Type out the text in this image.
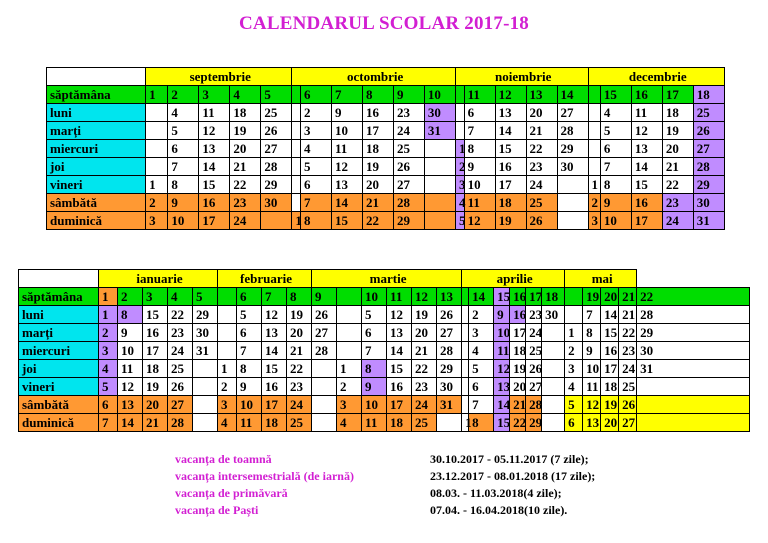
CALENDARUL SCOLAR 2017-18
	septembrie					octombrie						noiembrie					decembrie				
săptămâna	1	2	3	4	5		6	7	8	9	10		11	12	13	14		15	16	17	18
luni		4	11	18	25		2	9	16	23	30		6	13	20	27		4	11	18	25
marți		5	12	19	26		3	10	17	24	31		7	14	21	28		5	12	19	26
miercuri		6	13	20	27		4	11	18	25		1	8	15	22	29		6	13	20	27
joi		7	14	21	28		5	12	19	26		2	9	16	23	30		7	14	21	28
vineri	1	8	15	22	29		6	13	20	27		3	10	17	24		1	8	15	22	29
sâmbătă	2	9	16	23	30		7	14	21	28		4	11	18	25		2	9	16	23	30
duminică	3	10	17	24		1	8	15	22	29		5	12	19	26		3	10	17	24	31
	ianuarie					februarie				martie						aprilie						mai				
săptămâna	1	2	3	4	5		6	7	8	9		10	11	12	13		14	15	16	17	18		19	20	21	22
luni	1	8	15	22	29		5	12	19	26		5	12	19	26		2	9	16	23	30		7	14	21	28
marți	2	9	16	23	30		6	13	20	27		6	13	20	27		3	10	17	24		1	8	15	22	29
miercuri	3	10	17	24	31		7	14	21	28		7	14	21	28		4	11	18	25		2	9	16	23	30
joi	4	11	18	25		1	8	15	22		1	8	15	22	29		5	12	19	26		3	10	17	24	31
vineri	5	12	19	26		2	9	16	23		2	9	16	23	30		6	13	20	27		4	11	18	25	
sâmbătă	6	13	20	27		3	10	17	24		3	10	17	24	31		7	14	21	28		5	12	19	26	
duminică	7	14	21	28		4	11	18	25		4	11	18	25		1	8	15	22	29		6	13	20	27	
vacanța de toamnă	30.10.2017 - 05.11.2017 (7 zile);
vacanța intersemestrială (de iarnă)	23.12.2017 - 08.01.2018 (17 zile);
vacanța de primăvară	08.03. - 11.03.2018(4 zile);
vacanța de Paști	07.04. - 16.04.2018(10 zile).
